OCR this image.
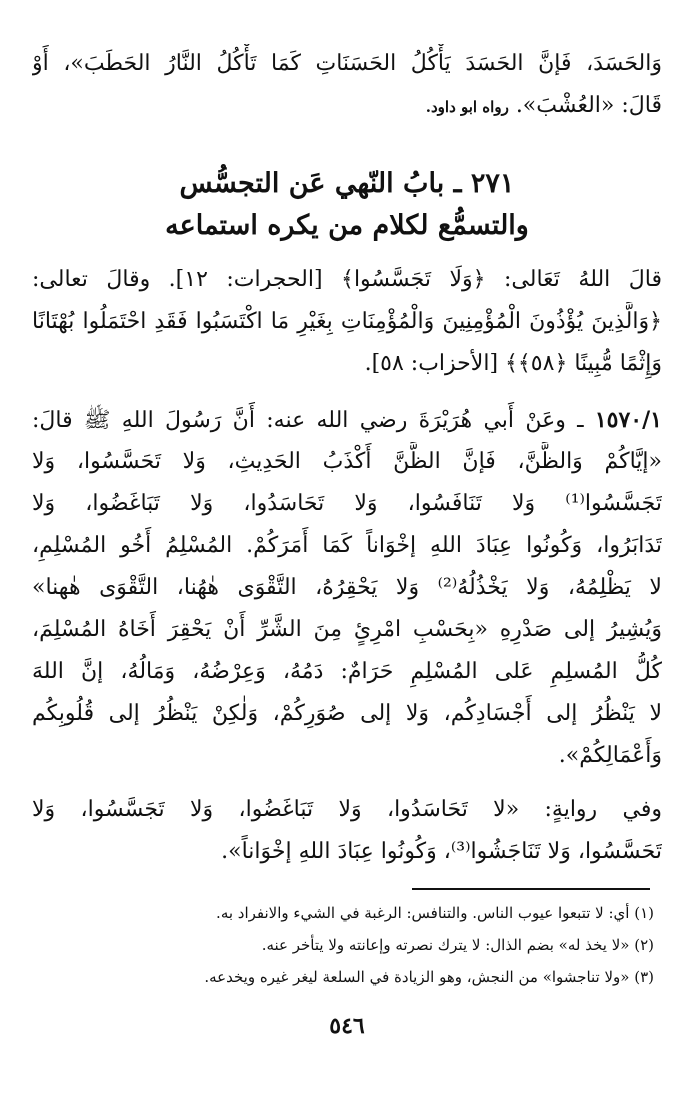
وَالحَسَدَ، فَإنَّ الحَسَدَ يَأْكُلُ الحَسَنَاتِ كَمَا تَأْكُلُ النَّارُ الحَطَبَ»، أَوْ
قَالَ: «العُشْبَ». رواه ابو داود.
٢٧١ ـ بابُ النّهي عَن التجسُّس
والتسمُّع لكلام من يكره استماعه
قالَ اللهُ تَعَالى: ﴿وَلَا تَجَسَّسُوا﴾ [الحجرات: ١٢]. وقالَ تعالى:
﴿وَالَّذِينَ يُؤْذُونَ الْمُؤْمِنِينَ وَالْمُؤْمِنَاتِ بِغَيْرِ مَا اكْتَسَبُوا فَقَدِ احْتَمَلُوا بُهْتَانًا
وَإِثْمًا مُّبِينًا ﴿٥٨﴾﴾ [الأحزاب: ٥٨].
١٥٧٠/١ ـ وعَنْ أَبي هُرَيْرَةَ رضي الله عنه: أَنَّ رَسُولَ اللهِ ﷺ قالَ:
«إيَّاكُمْ وَالظَّنَّ، فَإنَّ الظَّنَّ أَكْذَبُ الحَدِيثِ، وَلا تَحَسَّسُوا، وَلا
تَجَسَّسُوا⁽¹⁾ وَلا تَنَافَسُوا، وَلا تَحَاسَدُوا، وَلا تَبَاغَضُوا، وَلا
تَدَابَرُوا، وَكُونُوا عِبَادَ اللهِ إخْوَاناً كَمَا أَمَرَكُمْ. المُسْلِمُ أَخُو المُسْلِمِ،
لا يَظْلِمُهُ، وَلا يَخْذُلُهُ⁽²⁾ وَلا يَحْقِرُهُ، التَّقْوَى هٰهُنا، التَّقْوَى هٰهنا»
وَيُشِيرُ إلى صَدْرِهِ «بِحَسْبِ امْرِئٍ مِنَ الشَّرِّ أَنْ يَحْقِرَ أَخَاهُ المُسْلِمَ،
كُلُّ المُسلِمِ عَلى المُسْلِمِ حَرَامٌ: دَمُهُ، وَعِرْضُهُ، وَمَالُهُ، إنَّ اللهَ
لا يَنْظُرُ إلى أَجْسَادِكُم، وَلا إلى صُوَرِكُمْ، وَلٰكِنْ يَنْظُرُ إلى قُلُوبِكُم
وَأَعْمَالِكُمْ».
وفي روايةٍ: «لا تَحَاسَدُوا، وَلا تَبَاغَضُوا، وَلا تَجَسَّسُوا، وَلا
تَحَسَّسُوا، وَلا تَنَاجَشُوا⁽³⁾، وَكُونُوا عِبَادَ اللهِ إخْوَاناً».
(١) أي: لا تتبعوا عيوب الناس. والتنافس: الرغبة في الشيء والانفراد به.
(٢) «لا يخذ له» بضم الذال: لا يترك نصرته وإعانته ولا يتأخر عنه.
(٣) «ولا تناجشوا» من النجش، وهو الزيادة في السلعة ليغر غيره ويخدعه.
٥٤٦
